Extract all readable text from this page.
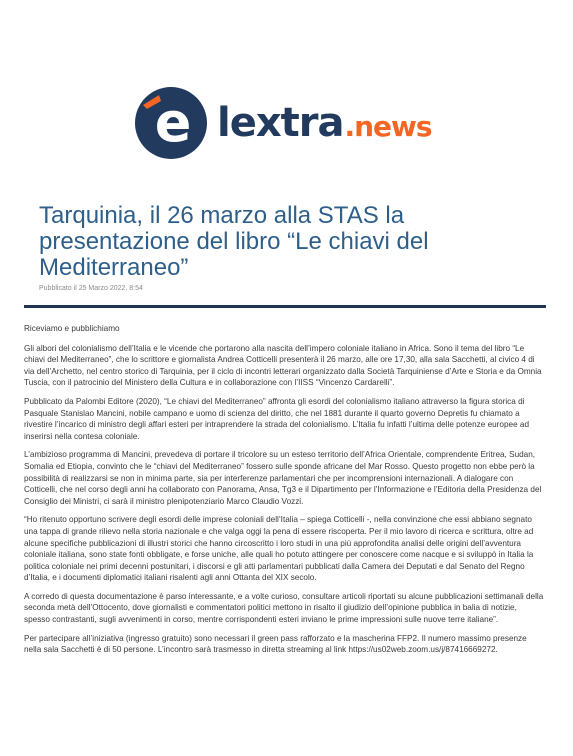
e lextra .news
Tarquinia, il 26 marzo alla STAS la presentazione del libro “Le chiavi del Mediterraneo”
Pubblicato il 25 Marzo 2022, 8:54

Riceviamo e pubblichiamo

Gli albori del colonialismo dell’Italia e le vicende che portarono alla nascita dell’impero coloniale italiano in Africa. Sono il tema del libro “Le chiavi del Mediterraneo”, che lo scrittore e giornalista Andrea Cotticelli presenterà il 26 marzo, alle ore 17,30, alla sala Sacchetti, al civico 4 di via dell’Archetto, nel centro storico di Tarquinia, per il ciclo di incontri letterari organizzato dalla Società Tarquiniense d’Arte e Storia e da Omnia Tuscia, con il patrocinio del Ministero della Cultura e in collaborazione con l’IISS “Vincenzo Cardarelli”.

Pubblicato da Palombi Editore (2020), “Le chiavi del Mediterraneo” affronta gli esordi del colonialismo italiano attraverso la figura storica di Pasquale Stanislao Mancini, nobile campano e uomo di scienza del diritto, che nel 1881 durante il quarto governo Depretis fu chiamato a rivestire l’incarico di ministro degli affari esteri per intraprendere la strada del colonialismo. L’Italia fu infatti l’ultima delle potenze europee ad inserirsi nella contesa coloniale.

L’ambizioso programma di Mancini, prevedeva di portare il tricolore su un esteso territorio dell’Africa Orientale, comprendente Eritrea, Sudan, Somalia ed Etiopia, convinto che le “chiavi del Mediterraneo” fossero sulle sponde africane del Mar Rosso. Questo progetto non ebbe però la possibilità di realizzarsi se non in minima parte, sia per interferenze parlamentari che per incomprensioni internazionali. A dialogare con Cotticelli, che nel corso degli anni ha collaborato con Panorama, Ansa, Tg3 e il Dipartimento per l’Informazione e l’Editoria della Presidenza del Consiglio dei Ministri, ci sarà il ministro plenipotenziario Marco Claudio Vozzi.

“Ho ritenuto opportuno scrivere degli esordi delle imprese coloniali dell’Italia – spiega Cotticelli -, nella convinzione che essi abbiano segnato una tappa di grande rilievo nella storia nazionale e che valga oggi la pena di essere riscoperta. Per il mio lavoro di ricerca e scrittura, oltre ad alcune specifiche pubblicazioni di illustri storici che hanno circoscritto i loro studi in una più approfondita analisi delle origini dell’avventura coloniale italiana, sono state fonti obbligate, e forse uniche, alle quali ho potuto attingere per conoscere come nacque e si sviluppò in Italia la politica coloniale nei primi decenni postunitari, i discorsi e gli atti parlamentari pubblicati dalla Camera dei Deputati e dal Senato del Regno d’Italia, e i documenti diplomatici italiani risalenti agli anni Ottanta del XIX secolo.

A corredo di questa documentazione è parso interessante, e a volte curioso, consultare articoli riportati su alcune pubblicazioni settimanali della seconda metà dell’Ottocento, dove giornalisti e commentatori politici mettono in risalto il giudizio dell’opinione pubblica in balia di notizie, spesso contrastanti, sugli avvenimenti in corso, mentre corrispondenti esteri inviano le prime impressioni sulle nuove terre italiane”.

Per partecipare all’iniziativa (ingresso gratuito) sono necessari il green pass rafforzato e la mascherina FFP2. Il numero massimo presenze nella sala Sacchetti è di 50 persone. L’incontro sarà trasmesso in diretta streaming al link https://us02web.zoom.us/j/87416669272.
